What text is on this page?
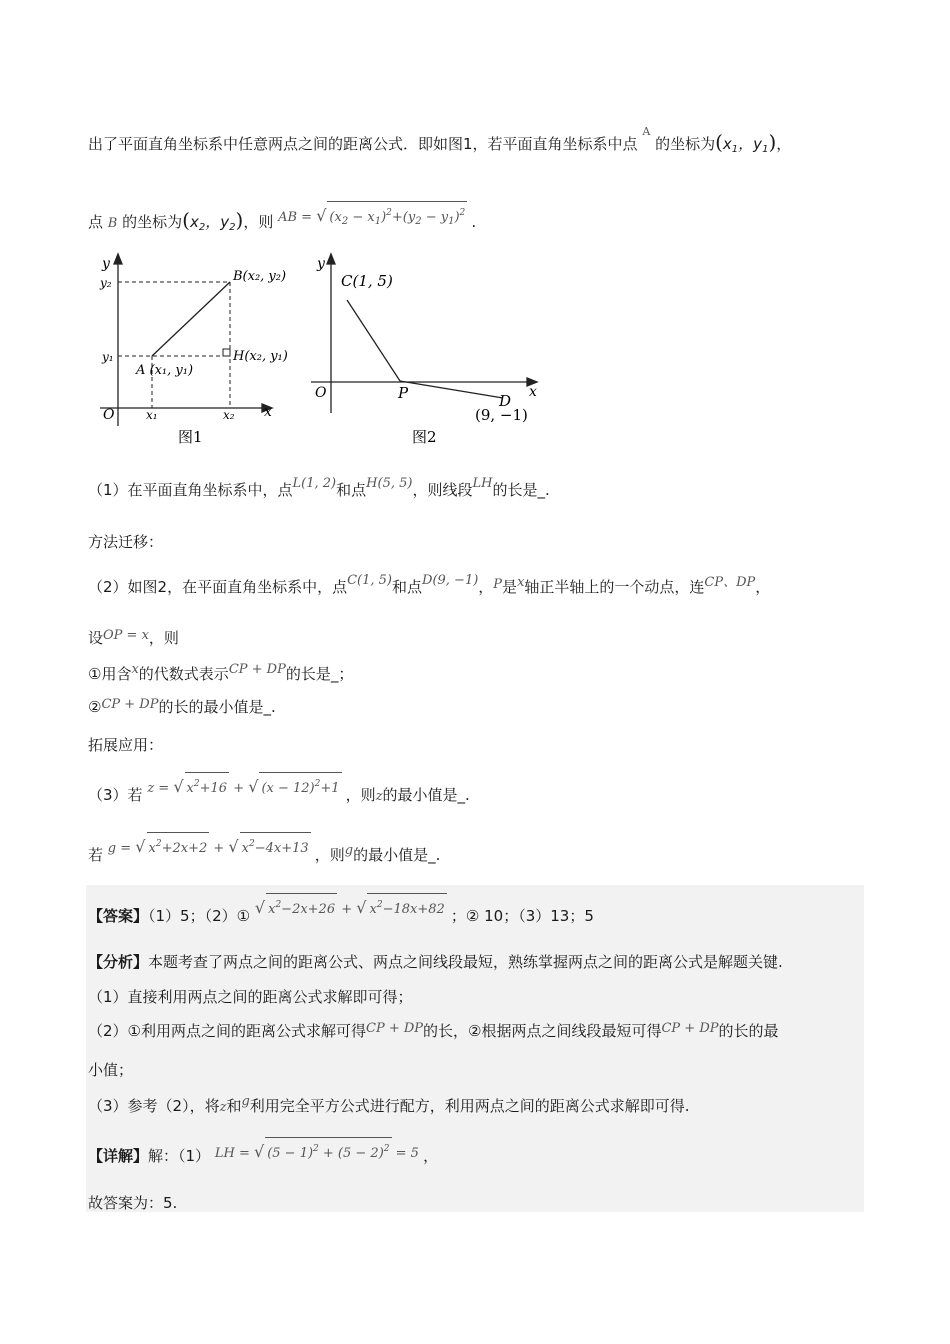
出了平面直角坐标系中任意两点之间的距离公式．即如图1，若平面直角坐标系中点 $^A$ 的坐标为($x_1$，$y_1$)，
点 B 的坐标为($x_2$，$y_2$)，则 AB = √ $(x_2 - x_1)^2+(y_2 - y_1)^2$ .
y
x
O
y₂
y₁
x₁	x₂
B(x₂, y₂)
A (x₁, y₁)
H(x₂, y₁)
图1
y
x
O
C(1, 5)
P	D
(9, −1)
图2
（1）在平面直角坐标系中，点L(1, 2)和点H(5, 5)，则线段LH的长是_.
方法迁移：
（2）如图2，在平面直角坐标系中，点C(1, 5)和点D(9, −1)，P是x轴正半轴上的一个动点，连CP、DP，
设OP = x，则
①用含x的代数式表示CP + DP的长是_；
②CP + DP的长的最小值是_.
拓展应用：
（3）若 z = √ $x^2+16$ + √ $(x - 12)^2+1$ ，则z的最小值是_.
若 g = √ $x^2+2x+2$ + √ $x^2-4x+13$ ，则g的最小值是_.
【答案】（1）5；（2）① √ $x^2-2x+26$ + √ $x^2-18x+82$ ；② 10；（3）13；5
【分析】本题考查了两点之间的距离公式、两点之间线段最短，熟练掌握两点之间的距离公式是解题关键.
（1）直接利用两点之间的距离公式求解即可得；
（2）①利用两点之间的距离公式求解可得CP + DP的长，②根据两点之间线段最短可得CP + DP的长的最
小值；
（3）参考（2），将z和g利用完全平方公式进行配方，利用两点之间的距离公式求解即可得.
【详解】解：（1） LH = √ $(5 - 1)^2 + (5 - 2)^2 = 5$ ，
故答案为：5.
